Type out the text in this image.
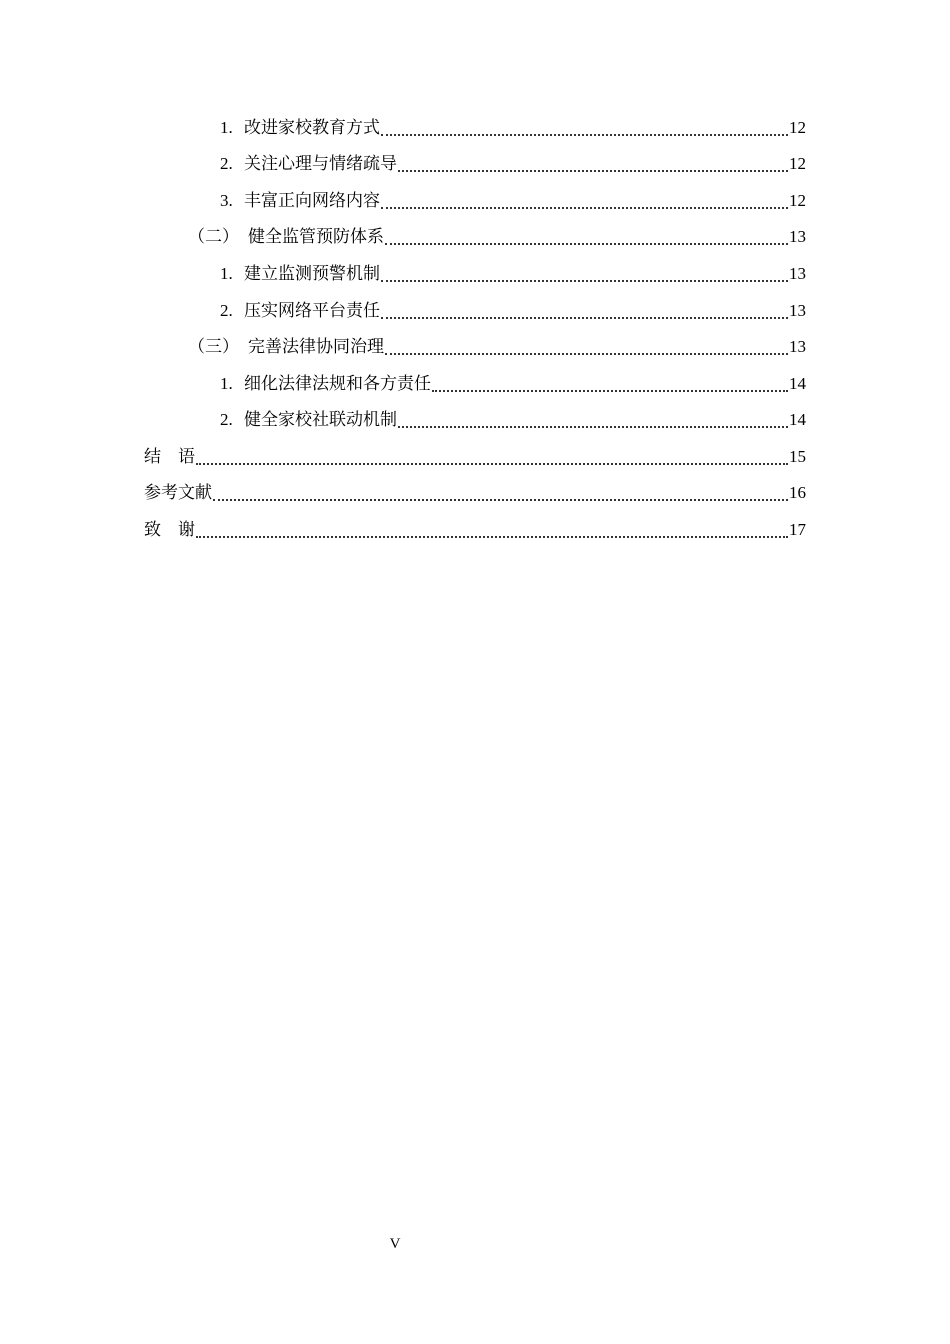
1. 改进家校教育方式	12
2. 关注心理与情绪疏导	12
3. 丰富正向网络内容	12
（二） 健全监管预防体系	13
1. 建立监测预警机制	13
2. 压实网络平台责任	13
（三） 完善法律协同治理	13
1. 细化法律法规和各方责任	14
2. 健全家校社联动机制	14
结　语	15
参考文献	16
致　谢	17
V
